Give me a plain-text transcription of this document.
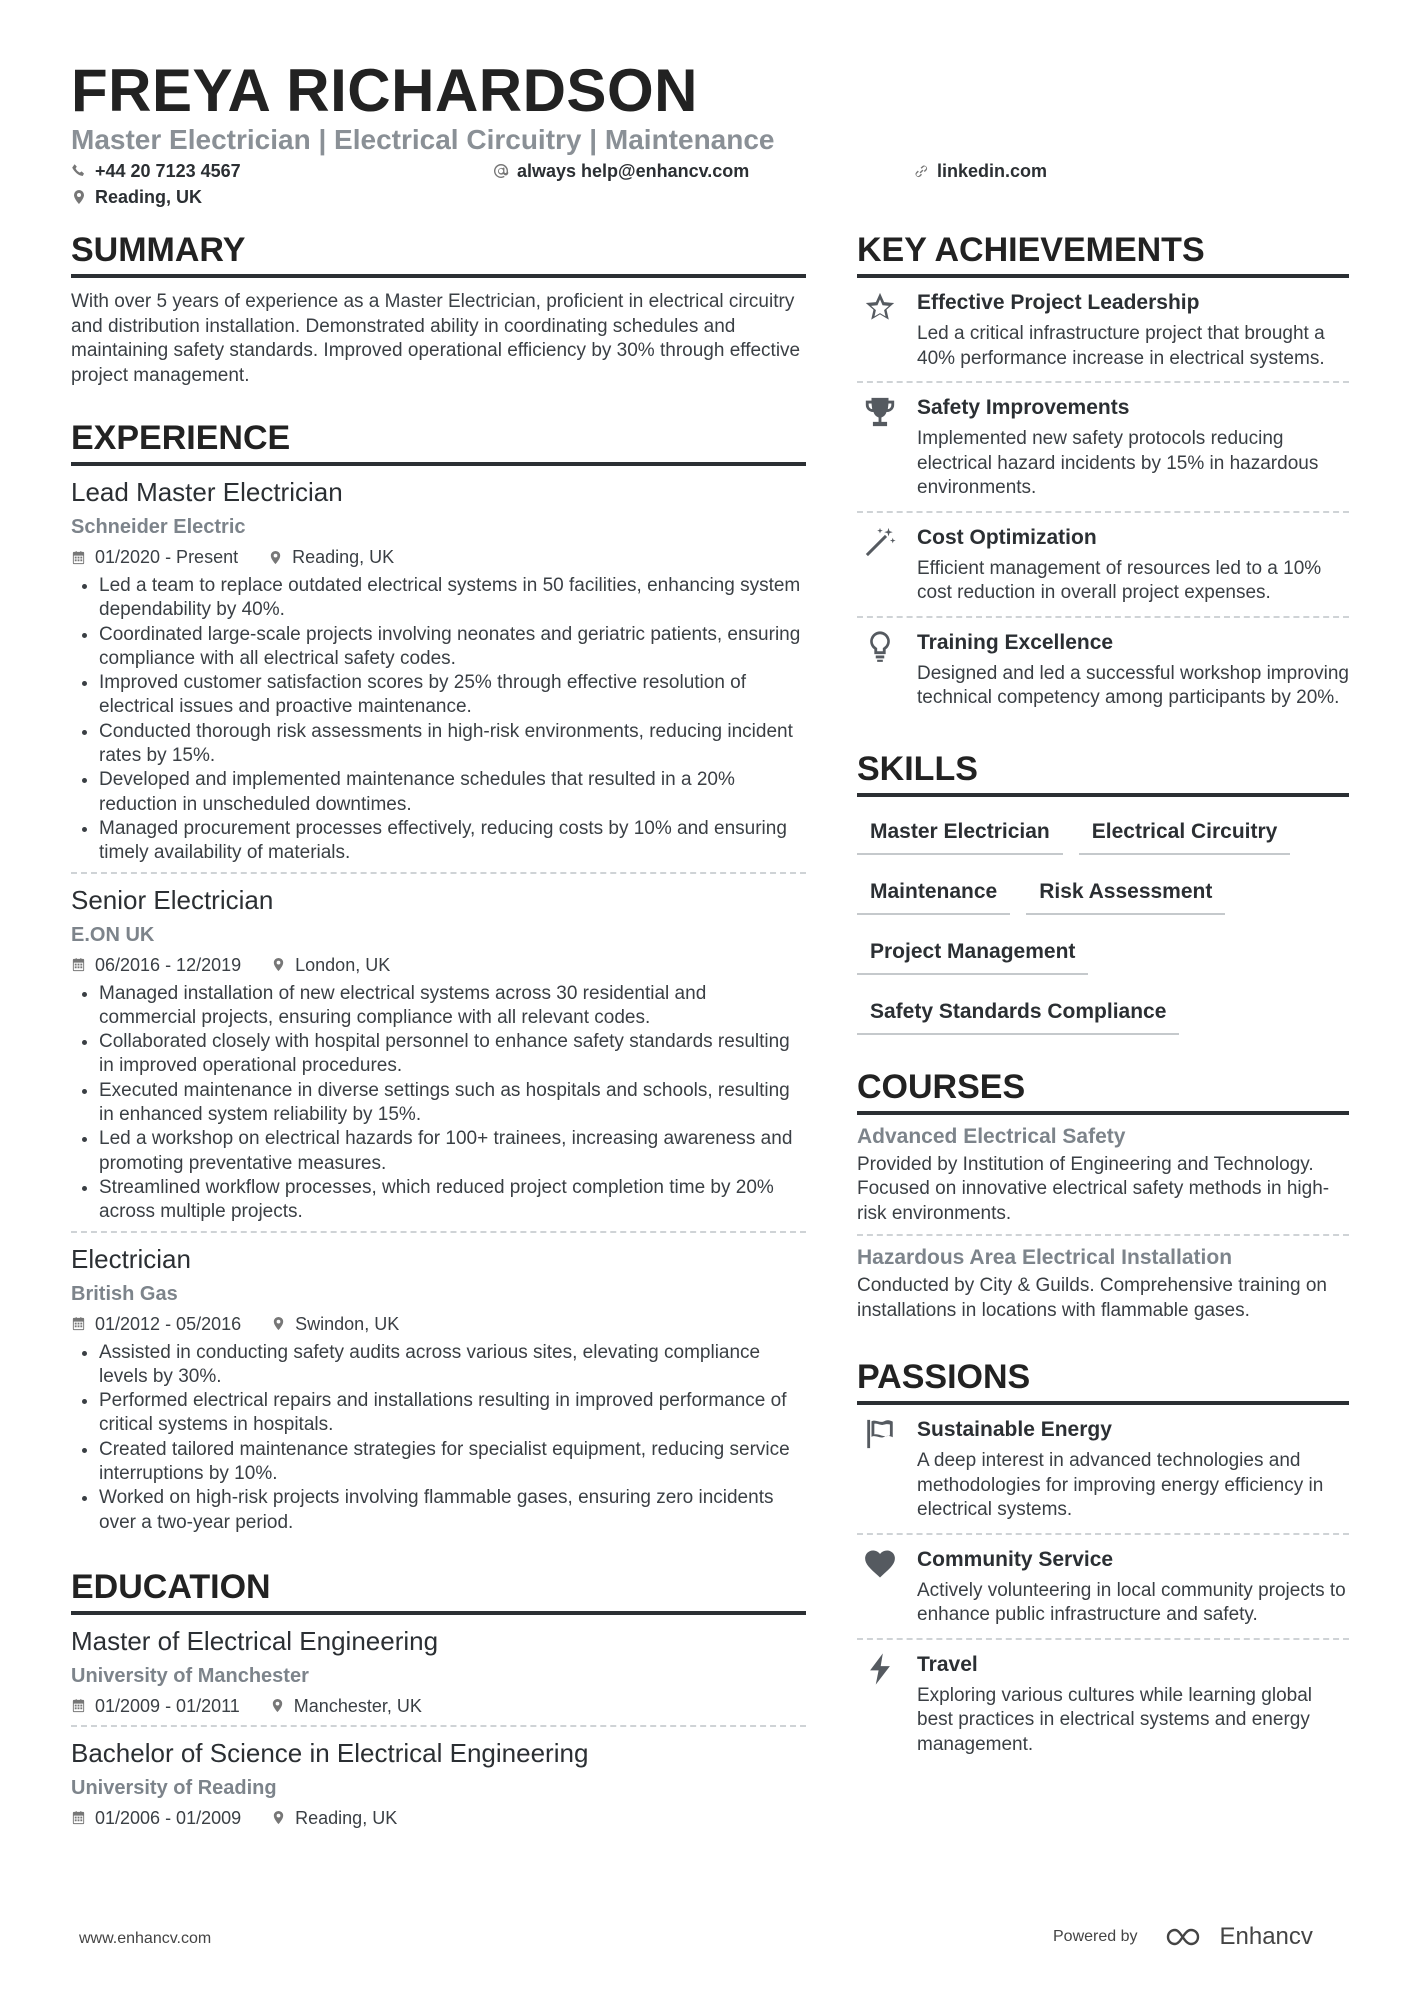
FREYA RICHARDSON
Master Electrician | Electrical Circuitry | Maintenance
+44 20 7123 4567	always help@enhancv.com	linkedin.com
Reading, UK
SUMMARY
With over 5 years of experience as a Master Electrician, proficient in electrical circuitry and distribution installation. Demonstrated ability in coordinating schedules and maintaining safety standards. Improved operational efficiency by 30% through effective project management.
EXPERIENCE
Lead Master Electrician
Schneider Electric
01/2020 - Present	Reading, UK
• Led a team to replace outdated electrical systems in 50 facilities, enhancing system dependability by 40%.
• Coordinated large-scale projects involving neonates and geriatric patients, ensuring compliance with all electrical safety codes.
• Improved customer satisfaction scores by 25% through effective resolution of electrical issues and proactive maintenance.
• Conducted thorough risk assessments in high-risk environments, reducing incident rates by 15%.
• Developed and implemented maintenance schedules that resulted in a 20% reduction in unscheduled downtimes.
• Managed procurement processes effectively, reducing costs by 10% and ensuring timely availability of materials.
Senior Electrician
E.ON UK
06/2016 - 12/2019	London, UK
• Managed installation of new electrical systems across 30 residential and commercial projects, ensuring compliance with all relevant codes.
• Collaborated closely with hospital personnel to enhance safety standards resulting in improved operational procedures.
• Executed maintenance in diverse settings such as hospitals and schools, resulting in enhanced system reliability by 15%.
• Led a workshop on electrical hazards for 100+ trainees, increasing awareness and promoting preventative measures.
• Streamlined workflow processes, which reduced project completion time by 20% across multiple projects.
Electrician
British Gas
01/2012 - 05/2016	Swindon, UK
• Assisted in conducting safety audits across various sites, elevating compliance levels by 30%.
• Performed electrical repairs and installations resulting in improved performance of critical systems in hospitals.
• Created tailored maintenance strategies for specialist equipment, reducing service interruptions by 10%.
• Worked on high-risk projects involving flammable gases, ensuring zero incidents over a two-year period.
EDUCATION
Master of Electrical Engineering
University of Manchester
01/2009 - 01/2011	Manchester, UK
Bachelor of Science in Electrical Engineering
University of Reading
01/2006 - 01/2009	Reading, UK
KEY ACHIEVEMENTS
Effective Project Leadership
Led a critical infrastructure project that brought a 40% performance increase in electrical systems.
Safety Improvements
Implemented new safety protocols reducing electrical hazard incidents by 15% in hazardous environments.
Cost Optimization
Efficient management of resources led to a 10% cost reduction in overall project expenses.
Training Excellence
Designed and led a successful workshop improving technical competency among participants by 20%.
SKILLS
Master Electrician	Electrical Circuitry
Maintenance	Risk Assessment
Project Management
Safety Standards Compliance
COURSES
Advanced Electrical Safety
Provided by Institution of Engineering and Technology. Focused on innovative electrical safety methods in high-risk environments.
Hazardous Area Electrical Installation
Conducted by City & Guilds. Comprehensive training on installations in locations with flammable gases.
PASSIONS
Sustainable Energy
A deep interest in advanced technologies and methodologies for improving energy efficiency in electrical systems.
Community Service
Actively volunteering in local community projects to enhance public infrastructure and safety.
Travel
Exploring various cultures while learning global best practices in electrical systems and energy management.
www.enhancv.com	Powered by	Enhancv
